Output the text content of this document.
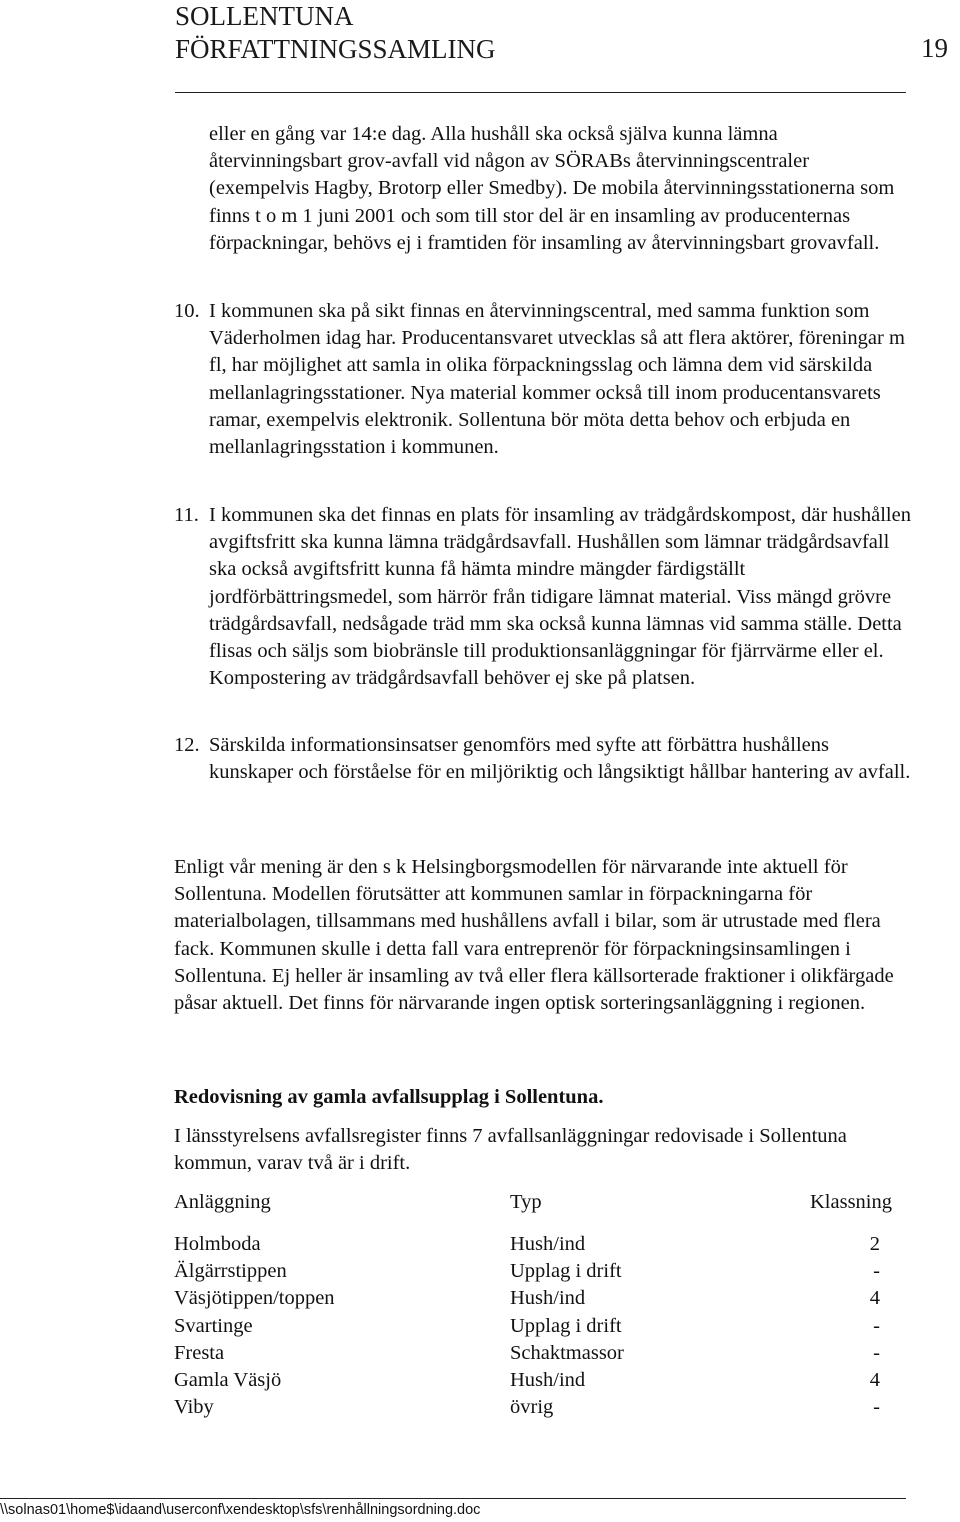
SOLLENTUNA
FÖRFATTNINGSSAMLING	19

eller en gång var 14:e dag. Alla hushåll ska också själva kunna lämna återvinningsbart grov-avfall vid någon av SÖRABs återvinningscentraler (exempelvis Hagby, Brotorp eller Smedby). De mobila återvinningsstationerna som finns t o m 1 juni 2001 och som till stor del är en insamling av producenternas förpackningar, behövs ej i framtiden för insamling av återvinningsbart grovavfall.

10. I kommunen ska på sikt finnas en återvinningscentral, med samma funktion som Väderholmen idag har. Producentansvaret utvecklas så att flera aktörer, föreningar m fl, har möjlighet att samla in olika förpackningsslag och lämna dem vid särskilda mellanlagringsstationer. Nya material kommer också till inom producentansvarets ramar, exempelvis elektronik. Sollentuna bör möta detta behov och erbjuda en mellanlagringsstation i kommunen.

11. I kommunen ska det finnas en plats för insamling av trädgårdskompost, där hushållen avgiftsfritt ska kunna lämna trädgårdsavfall. Hushållen som lämnar trädgårdsavfall ska också avgiftsfritt kunna få hämta mindre mängder färdigställt jordförbättringsmedel, som härrör från tidigare lämnat material. Viss mängd grövre trädgårdsavfall, nedsågade träd mm ska också kunna lämnas vid samma ställe. Detta flisas och säljs som biobränsle till produktionsanläggningar för fjärrvärme eller el. Kompostering av trädgårdsavfall behöver ej ske på platsen.

12. Särskilda informationsinsatser genomförs med syfte att förbättra hushållens kunskaper och förståelse för en miljöriktig och långsiktigt hållbar hantering av avfall.

Enligt vår mening är den s k Helsingborgsmodellen för närvarande inte aktuell för Sollentuna. Modellen förutsätter att kommunen samlar in förpackningarna för materialbolagen, tillsammans med hushållens avfall i bilar, som är utrustade med flera fack. Kommunen skulle i detta fall vara entreprenör för förpackningsinsamlingen i Sollentuna. Ej heller är insamling av två eller flera källsorterade fraktioner i olikfärgade påsar aktuell. Det finns för närvarande ingen optisk sorteringsanläggning i regionen.

Redovisning av gamla avfallsupplag i Sollentuna.

I länsstyrelsens avfallsregister finns 7 avfallsanläggningar redovisade i Sollentuna kommun, varav två är i drift.

Anläggning	Typ	Klassning
Holmboda	Hush/ind	2
Älgärrstippen	Upplag i drift	-
Väsjötippen/toppen	Hush/ind	4
Svartinge	Upplag i drift	-
Fresta	Schaktmassor	-
Gamla Väsjö	Hush/ind	4
Viby	övrig	-
\\solnas01\home$\idaand\userconf\xendesktop\sfs\renhållningsordning.doc
